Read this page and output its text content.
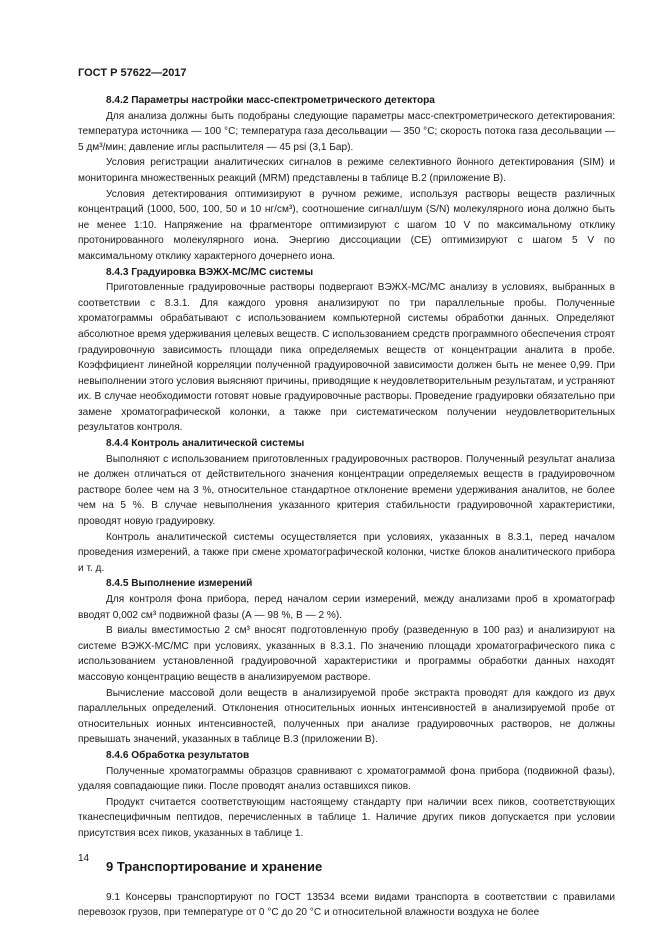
ГОСТ Р 57622—2017

8.4.2 Параметры настройки масс-спектрометрического детектора

Для анализа должны быть подобраны следующие параметры масс-спектрометрического детектирования: температура источника — 100 °С; температура газа десольвации — 350 °С; скорость потока газа десольвации — 5 дм³/мин; давление иглы распылителя — 45 psi (3,1 Бар).

Условия регистрации аналитических сигналов в режиме селективного йонного детектирования (SIM) и мониторинга множественных реакций (MRM) представлены в таблице В.2 (приложение В).

Условия детектирования оптимизируют в ручном режиме, используя растворы веществ различных концентраций (1000, 500, 100, 50 и 10 нг/см³), соотношение сигнал/шум (S/N) молекулярного иона должно быть не менее 1:10. Напряжение на фрагменторе оптимизируют с шагом 10 V по максимальному отклику протонированного молекулярного иона. Энергию диссоциации (СЕ) оптимизируют с шагом 5 V по максимальному отклику характерного дочернего иона.

8.4.3 Градуировка ВЭЖХ-МС/МС системы

Приготовленные градуировочные растворы подвергают ВЭЖХ-МС/МС анализу в условиях, выбранных в соответствии с 8.3.1. Для каждого уровня анализируют по три параллельные пробы. Полученные хроматограммы обрабатывают с использованием компьютерной системы обработки данных. Определяют абсолютное время удерживания целевых веществ. С использованием средств программного обеспечения строят градуировочную зависимость площади пика определяемых веществ от концентрации аналита в пробе. Коэффициент линейной корреляции полученной градуировочной зависимости должен быть не менее 0,99. При невыполнении этого условия выясняют причины, приводящие к неудовлетворительным результатам, и устраняют их. В случае необходимости готовят новые градуировочные растворы. Проведение градуировки обязательно при замене хроматографической колонки, а также при систематическом получении неудовлетворительных результатов контроля.

8.4.4 Контроль аналитической системы

Выполняют с использованием приготовленных градуировочных растворов. Полученный результат анализа не должен отличаться от действительного значения концентрации определяемых веществ в градуировочном растворе более чем на 3 %, относительное стандартное отклонение времени удерживания аналитов, не более чем на 5 %. В случае невыполнения указанного критерия стабильности градуировочной характеристики, проводят новую градуировку.

Контроль аналитической системы осуществляется при условиях, указанных в 8.3.1, перед началом проведения измерений, а также при смене хроматографической колонки, чистке блоков аналитического прибора и т. д.

8.4.5 Выполнение измерений

Для контроля фона прибора, перед началом серии измерений, между анализами проб в хроматограф вводят 0,002 см³ подвижной фазы (А — 98 %, В — 2 %).

В виалы вместимостью 2 см³ вносят подготовленную пробу (разведенную в 100 раз) и анализируют на системе ВЭЖХ-МС/МС при условиях, указанных в 8.3.1. По значению площади хроматографического пика с использованием установленной градуировочной характеристики и программы обработки данных находят массовую концентрацию веществ в анализируемом растворе.

Вычисление массовой доли веществ в анализируемой пробе экстракта проводят для каждого из двух параллельных определений. Отклонения относительных ионных интенсивностей в анализируемой пробе от относительных ионных интенсивностей, полученных при анализе градуировочных растворов, не должны превышать значений, указанных в таблице В.3 (приложении В).

8.4.6 Обработка результатов

Полученные хроматограммы образцов сравнивают с хроматограммой фона прибора (подвижной фазы), удаляя совпадающие пики. После проводят анализ оставшихся пиков.

Продукт считается соответствующим настоящему стандарту при наличии всех пиков, соответствующих тканеспецифичным пептидов, перечисленных в таблице 1. Наличие других пиков допускается при условии присутствия всех пиков, указанных в таблице 1.

9 Транспортирование и хранение

9.1 Консервы транспортируют по ГОСТ 13534 всеми видами транспорта в соответствии с правилами перевозок грузов, при температуре от 0 °С до 20 °С и относительной влажности воздуха не более

14
